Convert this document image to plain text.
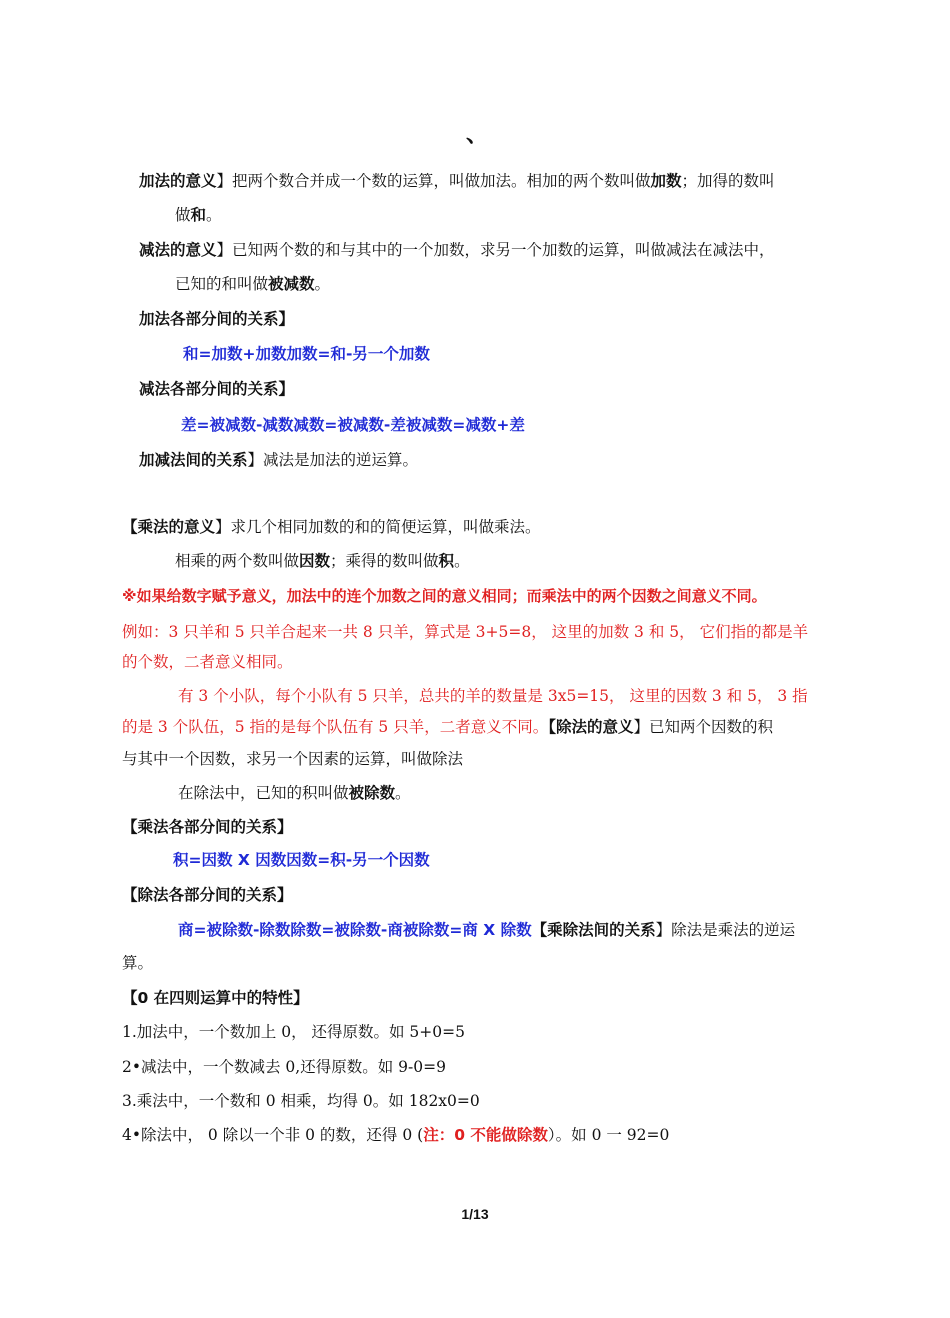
、
加法的意义】把两个数合并成一个数的运算，叫做加法。相加的两个数叫做加数；加得的数叫
做和。
减法的意义】已知两个数的和与其中的一个加数，求另一个加数的运算，叫做减法在减法中，
已知的和叫做被减数。
加法各部分间的关系】
和=加数+加数加数=和-另一个加数
减法各部分间的关系】
差=被减数-减数减数=被减数-差被减数=减数+差
加减法间的关系】减法是加法的逆运算。
【乘法的意义】求几个相同加数的和的简便运算，叫做乘法。
相乘的两个数叫做因数；乘得的数叫做积。
※如果给数字赋予意义，加法中的连个加数之间的意义相同；而乘法中的两个因数之间意义不同。
例如：3 只羊和 5 只羊合起来一共 8 只羊，算式是 3+5=8， 这里的加数 3 和 5， 它们指的都是羊
的个数，二者意义相同。
有 3 个小队，每个小队有 5 只羊，总共的羊的数量是 3x5=15， 这里的因数 3 和 5， 3 指
的是 3 个队伍，5 指的是每个队伍有 5 只羊，二者意义不同。【除法的意义】已知两个因数的积
与其中一个因数，求另一个因素的运算，叫做除法
在除法中，已知的积叫做被除数。
【乘法各部分间的关系】
积=因数 X 因数因数=积-另一个因数
【除法各部分间的关系】
商=被除数-除数除数=被除数-商被除数=商 X 除数【乘除法间的关系】除法是乘法的逆运
算。
【0 在四则运算中的特性】
1.加法中，一个数加上 0， 还得原数。如 5+0=5
2•减法中，一个数减去 0,还得原数。如 9-0=9
3.乘法中，一个数和 0 相乘，均得 0。如 182x0=0
4•除法中， 0 除以一个非 0 的数，还得 0 (注：0 不能做除数）。如 0 一 92=0
1/13
